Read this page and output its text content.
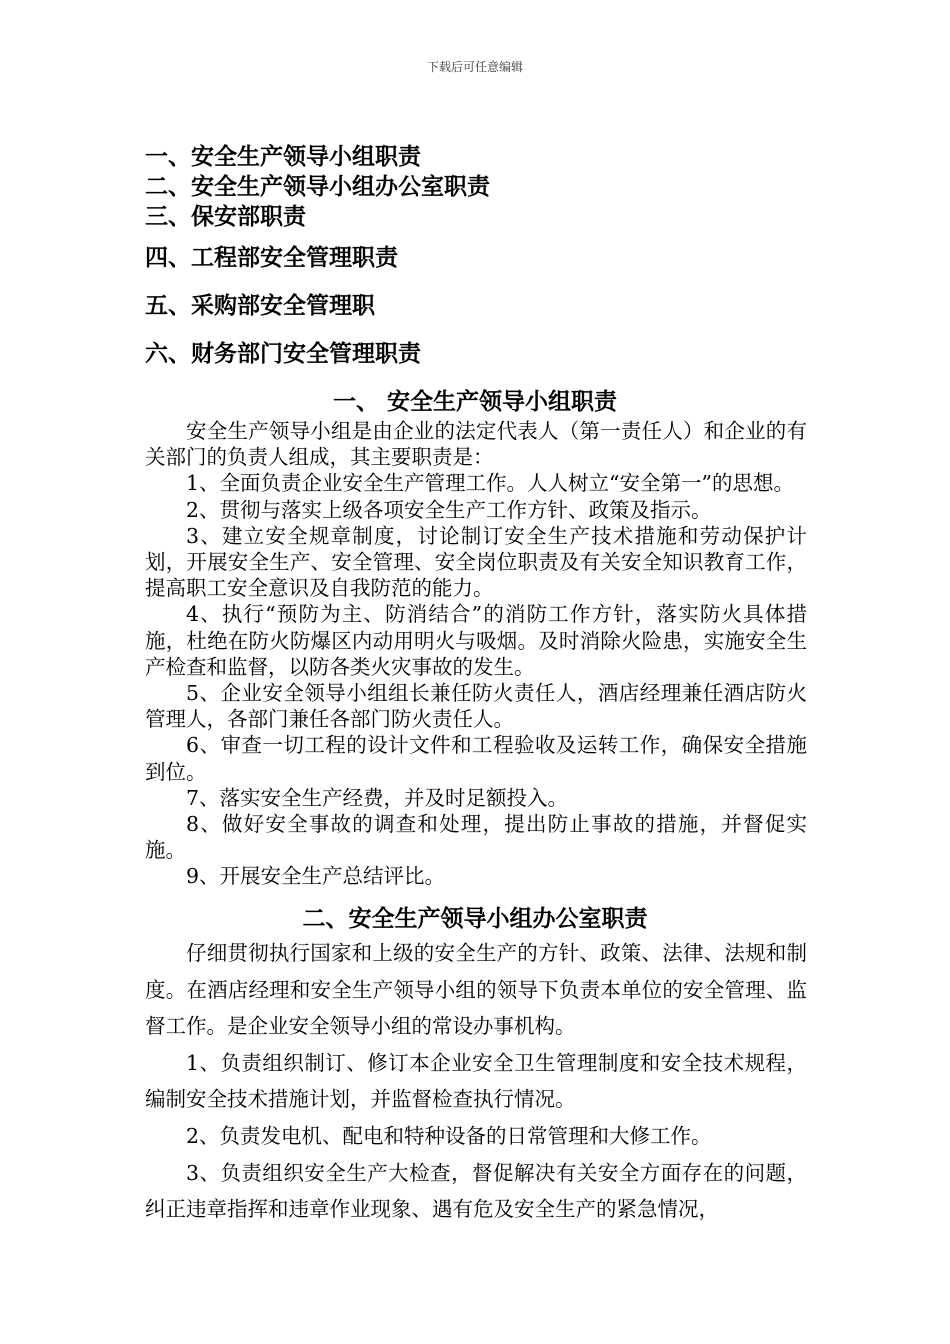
下载后可任意编辑
一、安全生产领导小组职责
二、安全生产领导小组办公室职责
三、保安部职责
四、工程部安全管理职责
五、采购部安全管理职
六、财务部门安全管理职责
一、 安全生产领导小组职责

安全生产领导小组是由企业的法定代表人（第一责任人）和企业的有关部门的负责人组成，其主要职责是：

1、全面负责企业安全生产管理工作。人人树立“安全第一”的思想。

2、贯彻与落实上级各项安全生产工作方针、政策及指示。

3、建立安全规章制度，讨论制订安全生产技术措施和劳动保护计划，开展安全生产、安全管理、安全岗位职责及有关安全知识教育工作，提高职工安全意识及自我防范的能力。

4、执行“预防为主、防消结合”的消防工作方针，落实防火具体措施，杜绝在防火防爆区内动用明火与吸烟。及时消除火险患，实施安全生产检查和监督，以防各类火灾事故的发生。

5、企业安全领导小组组长兼任防火责任人，酒店经理兼任酒店防火管理人，各部门兼任各部门防火责任人。

6、审查一切工程的设计文件和工程验收及运转工作，确保安全措施到位。

7、落实安全生产经费，并及时足额投入。

8、做好安全事故的调查和处理，提出防止事故的措施，并督促实施。

9、开展安全生产总结评比。

二、安全生产领导小组办公室职责

仔细贯彻执行国家和上级的安全生产的方针、政策、法律、法规和制度。在酒店经理和安全生产领导小组的领导下负责本单位的安全管理、监督工作。是企业安全领导小组的常设办事机构。

1、负责组织制订、修订本企业安全卫生管理制度和安全技术规程，编制安全技术措施计划，并监督检查执行情况。

2、负责发电机、配电和特种设备的日常管理和大修工作。

3、负责组织安全生产大检查，督促解决有关安全方面存在的问题，纠正违章指挥和违章作业现象、遇有危及安全生产的紧急情况，
